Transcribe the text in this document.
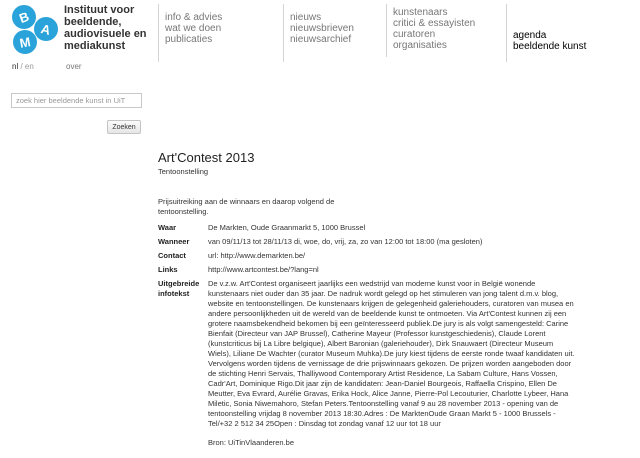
B
A
M
Instituut voor
beeldende,
audiovisuele en
mediakunst
info & advies
wat we doen
publicaties
nieuws
nieuwsbrieven
nieuwsarchief
kunstenaars
critici & essayisten
curatoren
organisaties
agenda
beeldende kunst
nl / en	over
zoek hier beeldende kunst in UiT
Zoeken
Art'Contest 2013
Tentoonstelling
Prijsuitreiking aan de winnaars en daarop volgend de tentoonstelling.
Waar	De Markten, Oude Graanmarkt 5, 1000 Brussel
Wanneer	van 09/11/13 tot 28/11/13 di, woe, do, vrij, za, zo van 12:00 tot 18:00 (ma gesloten)
Contact	url: http://www.demarkten.be/
Links	http://www.artcontest.be/?lang=nl
Uitgebreide infotekst
De v.z.w. Art'Contest organiseert jaarlijks een wedstrijd van moderne kunst voor in België wonende kunstenaars niet ouder dan 35 jaar. De nadruk wordt gelegd op het stimuleren van jong talent d.m.v. blog, website en tentoonstellingen. De kunstenaars krijgen de gelegenheid galeriehouders, curatoren van musea en andere persoonlijkheden uit de wereld van de beeldende kunst te ontmoeten. Via Art'Contest kunnen zij een grotere naamsbekendheid bekomen bij een geïnteresseerd publiek.De jury is als volgt samengesteld: Carine Bienfait (Directeur van JAP Brussel), Catherine Mayeur (Professor kunstgeschiedenis), Claude Lorent (kunstcriticus bij La Libre belgique), Albert Baronian (galeriehouder), Dirk Snauwaert (Directeur Museum Wiels), Liliane De Wachter (curator Museum Muhka).De jury kiest tijdens de eerste ronde twaaf kandidaten uit. Vervolgens worden tijdens de vernissage de drie prijswinnaars gekozen. De prijzen worden aangeboden door de stichting Henri Servais, Thalliywood Contemporary Artist Residence, La Sabam Culture, Hans Vossen, Cadr'Art, Dominique Rigo.Dit jaar zijn de kandidaten: Jean-Daniel Bourgeois, Raffaella Crispino, Ellen De Meutter, Eva Evrard, Aurélie Gravas, Erika Hock, Alice Janne, Pierre-Pol Lecouturier, Charlotte Lybeer, Hana Miletic, Sonia Niwemahoro, Stefan Peters.Tentoonstelling vanaf 9 au 28 november 2013 - opening van de tentoonstelling vrijdag 8 november 2013 18:30.Adres : De MarktenOude Graan Markt 5 - 1000 Brussels - Tel/+32 2 512 34 25Open : Dinsdag tot zondag vanaf 12 uur tot 18 uur
Bron: UiTinVlaanderen.be
